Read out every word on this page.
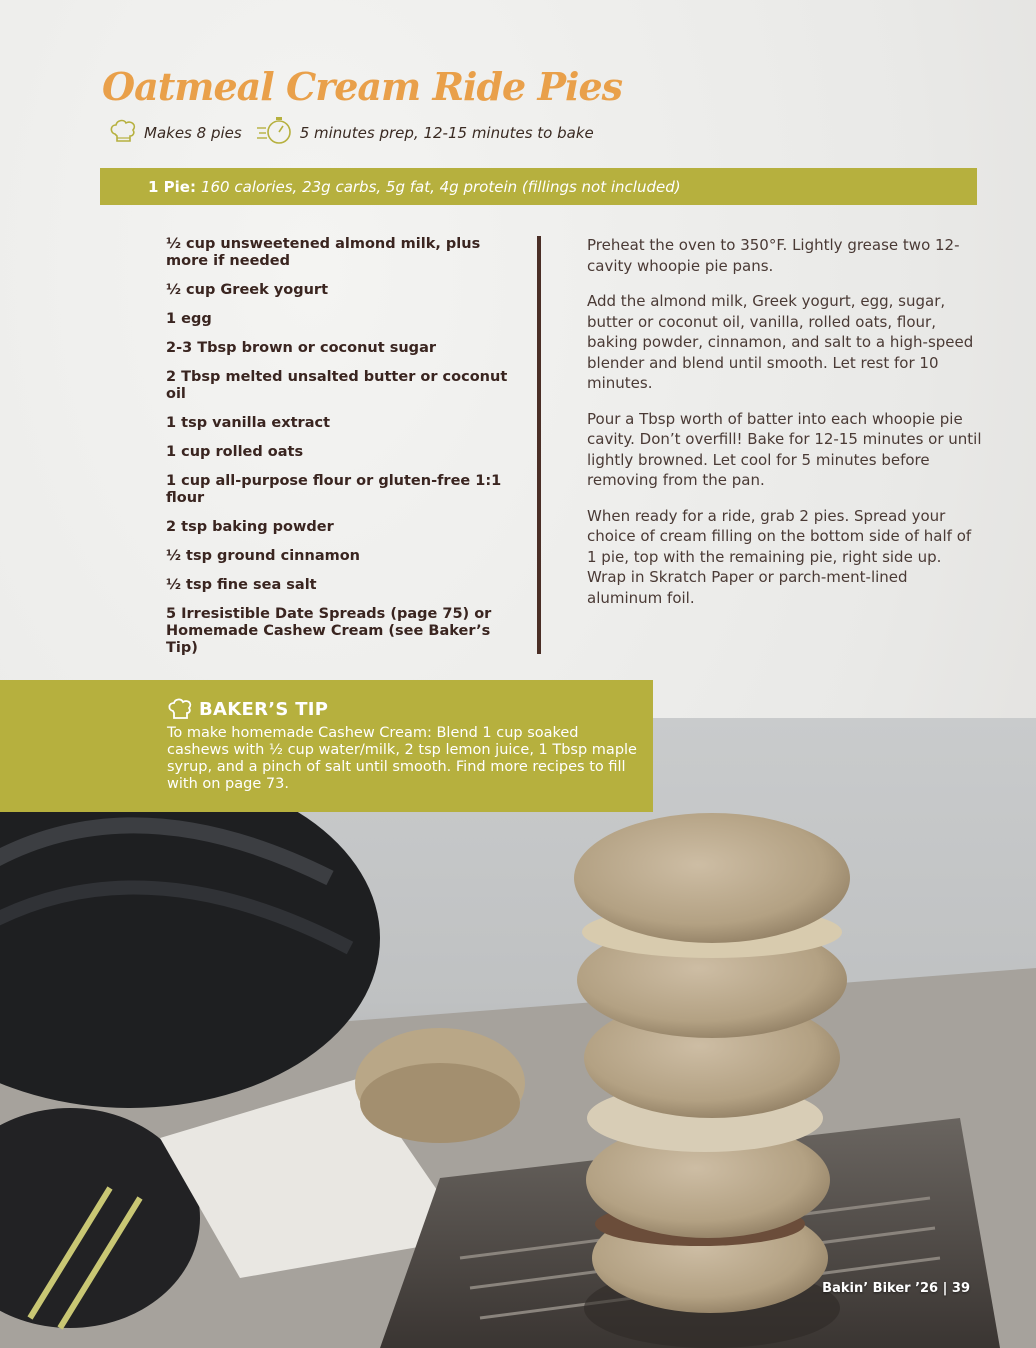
Oatmeal Cream Ride Pies
Makes 8 pies	5 minutes prep, 12-15 minutes to bake
1 Pie: 160 calories, 23g carbs, 5g fat, 4g protein (fillings not included)
½ cup unsweetened almond milk, plus more if needed
½ cup Greek yogurt
1 egg
2-3 Tbsp brown or coconut sugar
2 Tbsp melted unsalted butter or coconut oil
1 tsp vanilla extract
1 cup rolled oats
1 cup all-purpose flour or gluten-free 1:1 flour
2 tsp baking powder
½ tsp ground cinnamon
½ tsp fine sea salt
5 Irresistible Date Spreads (page 75) or Homemade Cashew Cream (see Baker’s Tip)

Preheat the oven to 350°F. Lightly grease two 12-cavity whoopie pie pans.

Add the almond milk, Greek yogurt, egg, sugar, butter or coconut oil, vanilla, rolled oats, flour, baking powder, cinnamon, and salt to a high-speed blender and blend until smooth. Let rest for 10 minutes.

Pour a Tbsp worth of batter into each whoopie pie cavity. Don’t overfill! Bake for 12-15 minutes or until lightly browned. Let cool for 5 minutes before removing from the pan.

When ready for a ride, grab 2 pies. Spread your choice of cream filling on the bottom side of half of 1 pie, top with the remaining pie, right side up. Wrap in Skratch Paper or parch-ment-lined aluminum foil.

BAKER’S TIP
To make homemade Cashew Cream: Blend 1 cup soaked cashews with ½ cup water/milk, 2 tsp lemon juice, 1 Tbsp maple syrup, and a pinch of salt until smooth. Find more recipes to fill with on page 73.
Bakin’ Biker ’26 | 39
